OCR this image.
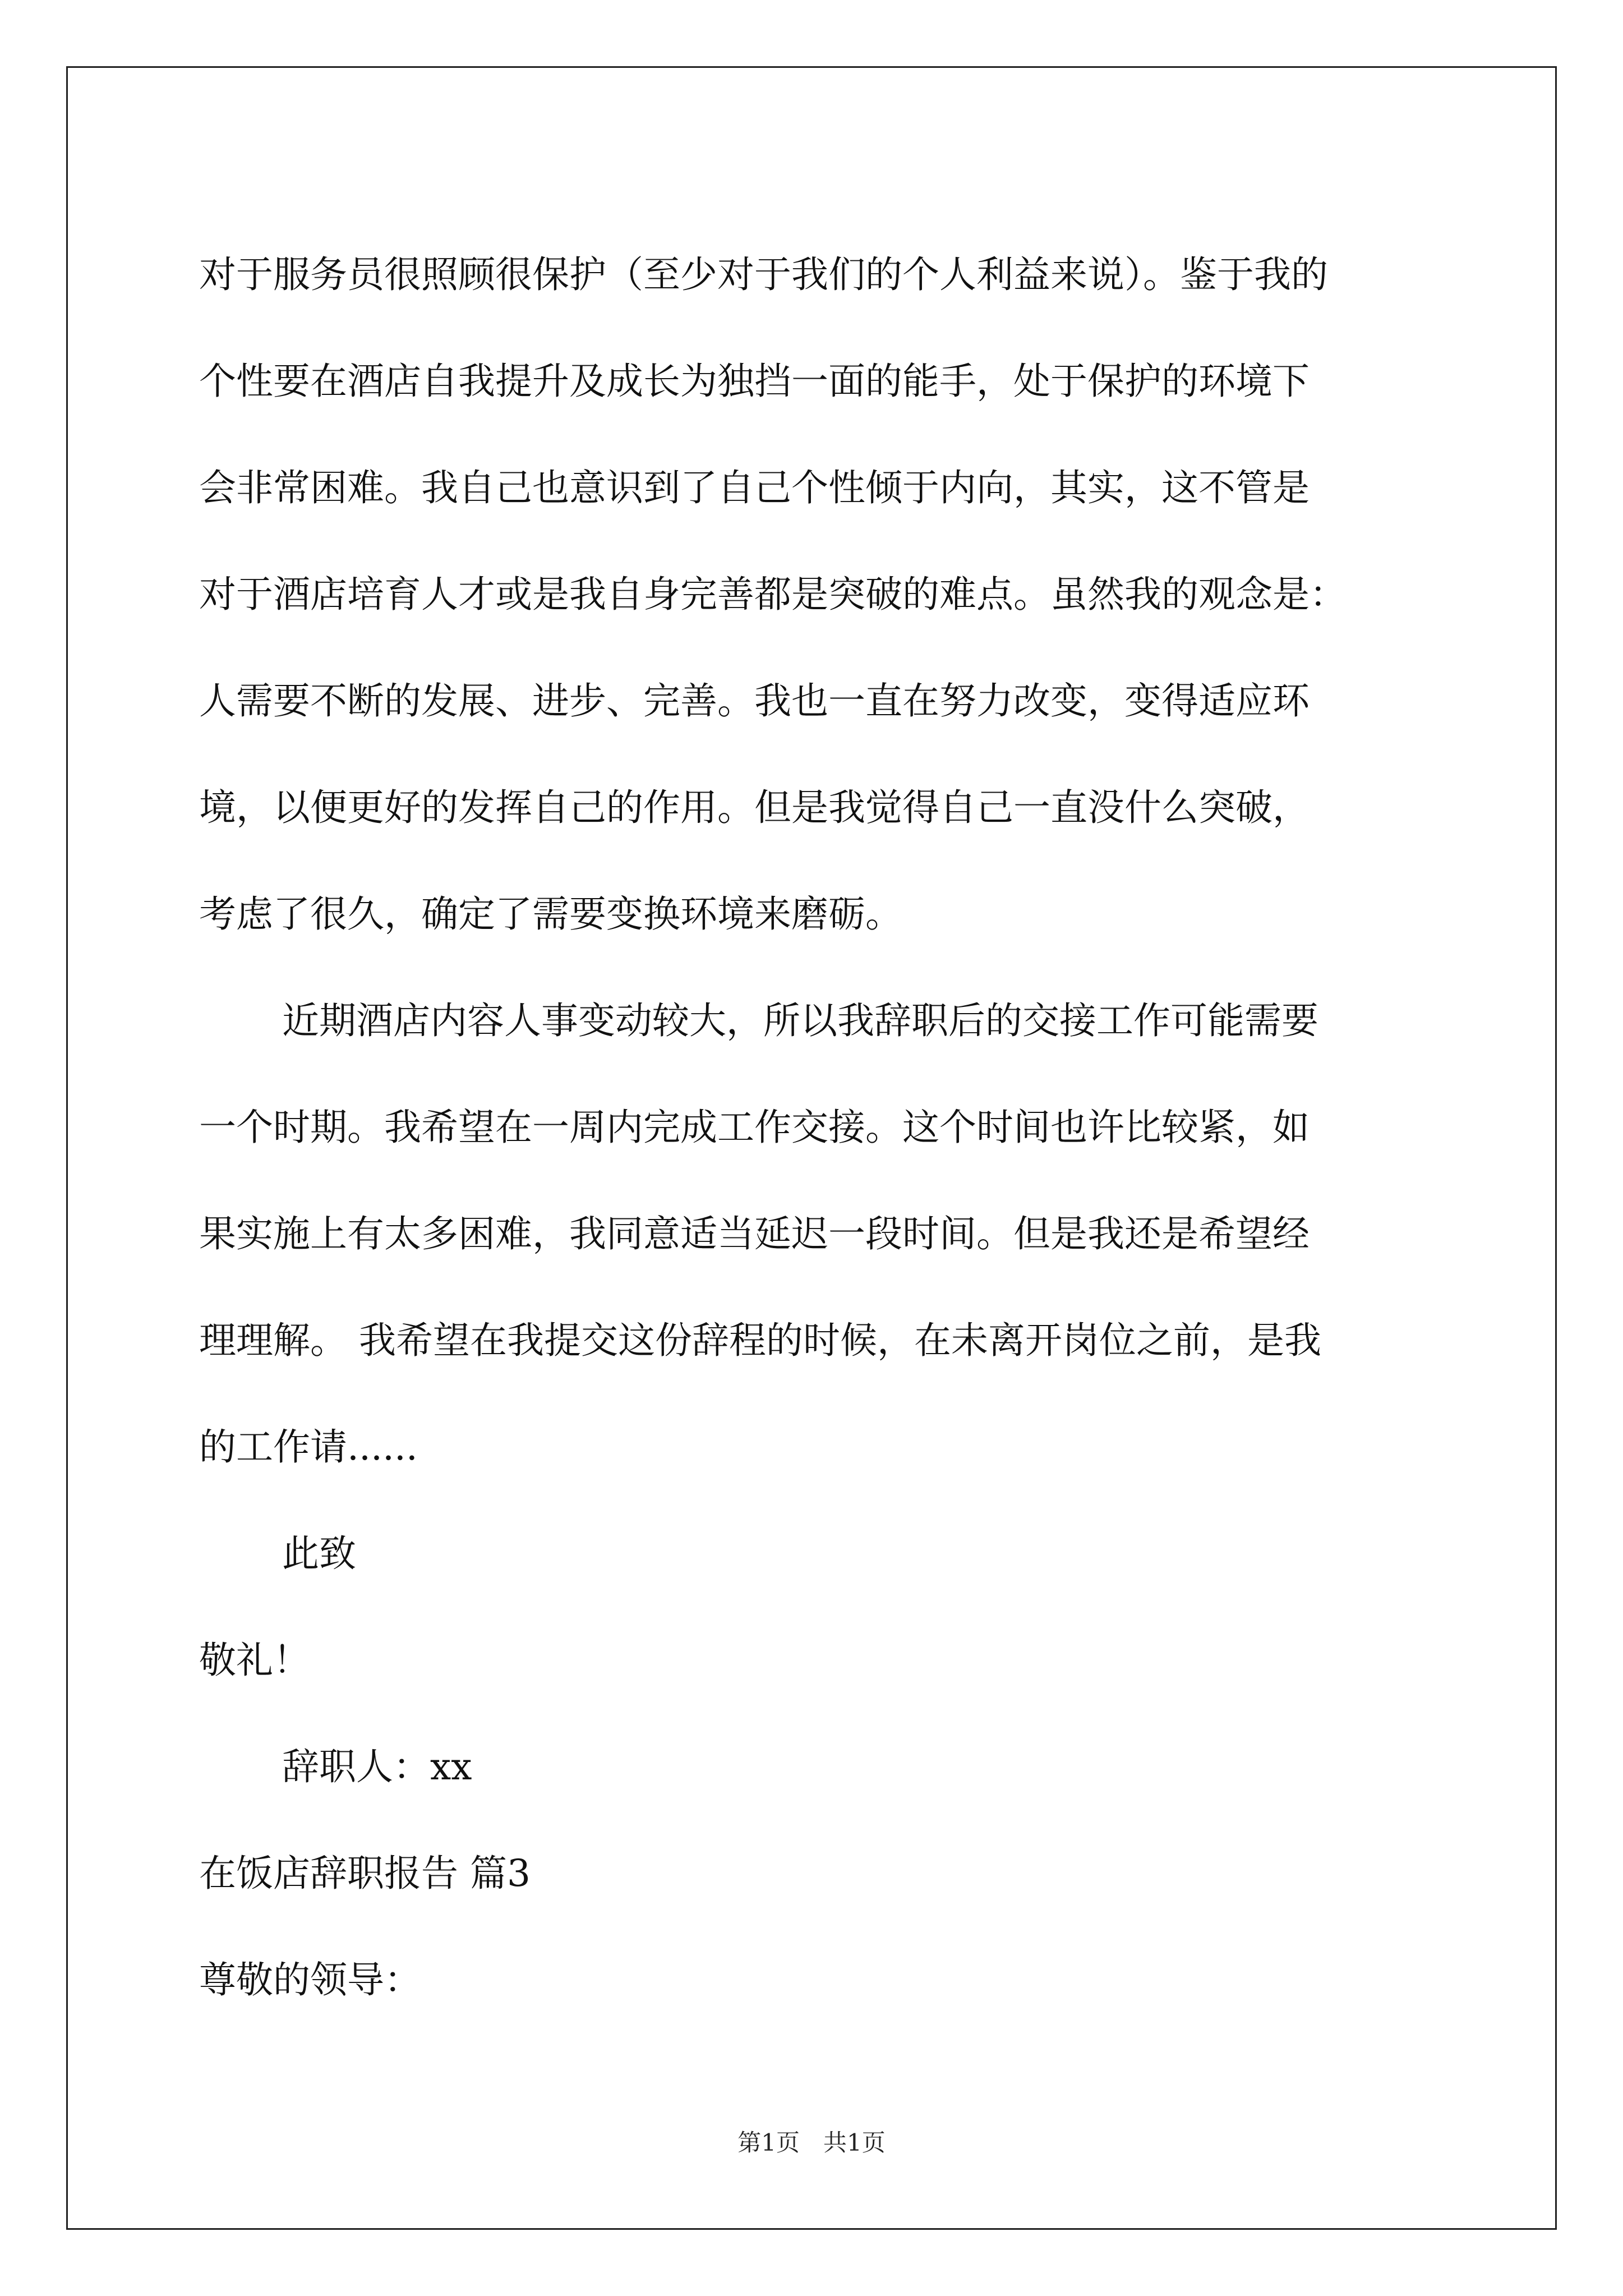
对于服务员很照顾很保护（至少对于我们的个人利益来说）。鉴于我的
个性要在酒店自我提升及成长为独挡一面的能手，处于保护的环境下
会非常困难。我自己也意识到了自己个性倾于内向，其实，这不管是
对于酒店培育人才或是我自身完善都是突破的难点。虽然我的观念是：
人需要不断的发展、进步、完善。我也一直在努力改变，变得适应环
境，以便更好的发挥自己的作用。但是我觉得自己一直没什么突破，
考虑了很久，确定了需要变换环境来磨砺。
近期酒店内容人事变动较大，所以我辞职后的交接工作可能需要
一个时期。我希望在一周内完成工作交接。这个时间也许比较紧，如
果实施上有太多困难，我同意适当延迟一段时间。但是我还是希望经
理理解。 我希望在我提交这份辞程的时候，在未离开岗位之前，是我
的工作请......
此致
敬礼！
辞职人：xx
在饭店辞职报告 篇3
尊敬的领导：
第1页　共1页
